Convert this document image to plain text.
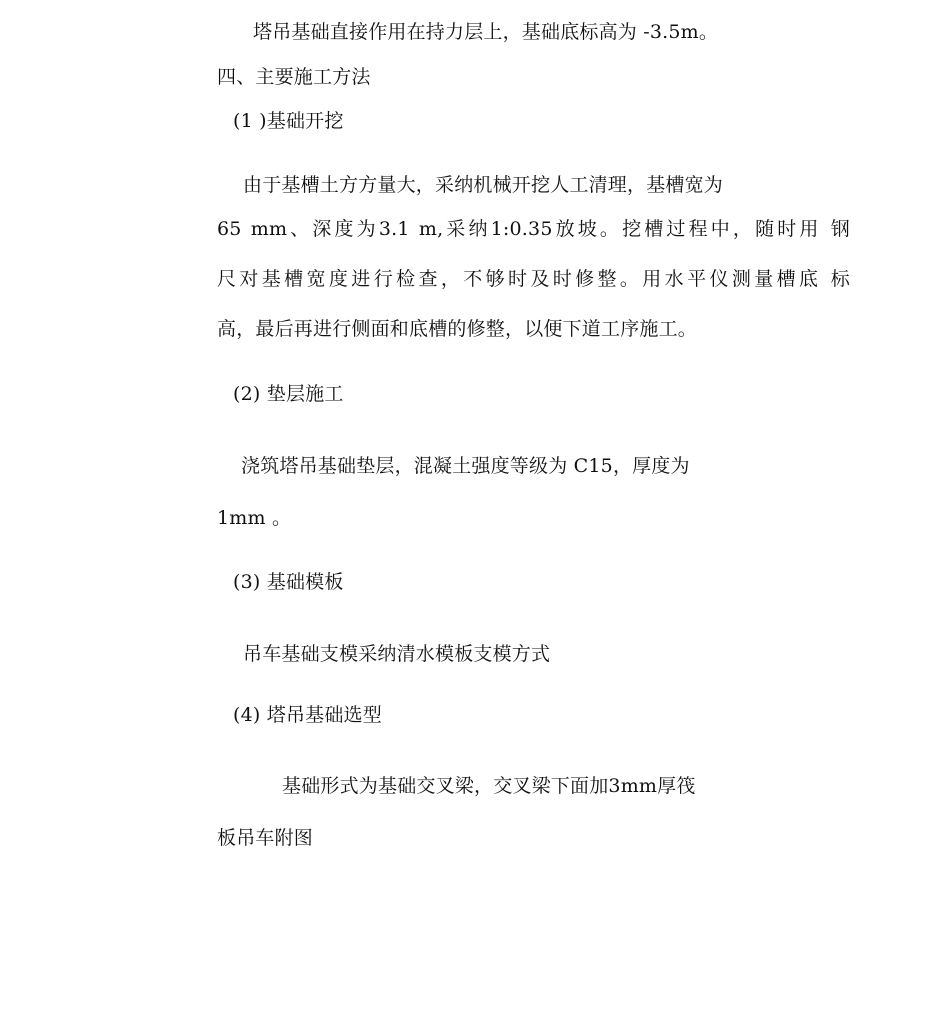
塔吊基础直接作用在持力层上，基础底标高为 -3.5m。
四、主要施工方法
(1 )基础开挖
由于基槽土方方量大，采纳机械开挖人工清理，基槽宽为
65 mm、深度为3.1 m,采纳1:0.35放坡。挖槽过程中，随时用 钢
尺对基槽宽度进行检查，不够时及时修整。用水平仪测量槽底 标
高，最后再进行侧面和底槽的修整，以便下道工序施工。
(2) 垫层施工
浇筑塔吊基础垫层，混凝土强度等级为 C15，厚度为
1mm 。
(3) 基础模板
吊车基础支模采纳清水模板支模方式
(4) 塔吊基础选型
基础形式为基础交叉梁，交叉梁下面加3mm厚筏
板吊车附图
